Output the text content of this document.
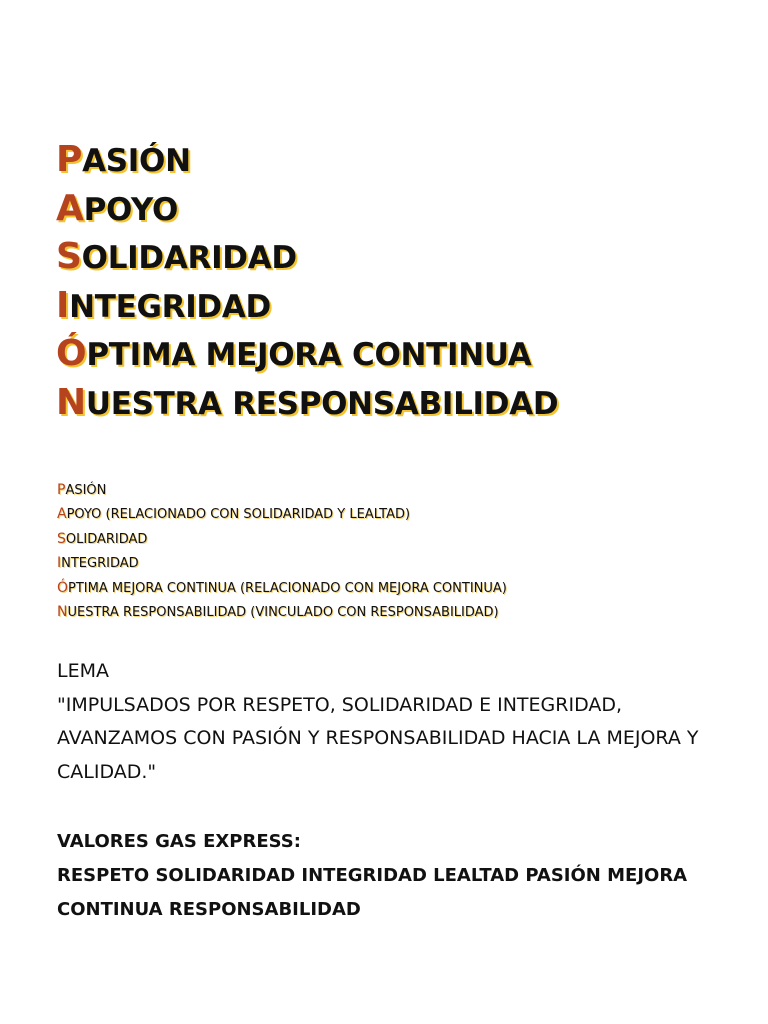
PASIÓN
APOYO
SOLIDARIDAD
INTEGRIDAD
ÓPTIMA MEJORA CONTINUA
NUESTRA RESPONSABILIDAD
PASIÓN
APOYO (RELACIONADO CON SOLIDARIDAD Y LEALTAD)
SOLIDARIDAD
INTEGRIDAD
ÓPTIMA MEJORA CONTINUA (RELACIONADO CON MEJORA CONTINUA)
NUESTRA RESPONSABILIDAD (VINCULADO CON RESPONSABILIDAD)
LEMA
"IMPULSADOS POR RESPETO, SOLIDARIDAD E INTEGRIDAD, AVANZAMOS CON PASIÓN Y RESPONSABILIDAD HACIA LA MEJORA Y CALIDAD."
VALORES GAS EXPRESS:
RESPETO SOLIDARIDAD INTEGRIDAD LEALTAD PASIÓN MEJORA CONTINUA RESPONSABILIDAD
